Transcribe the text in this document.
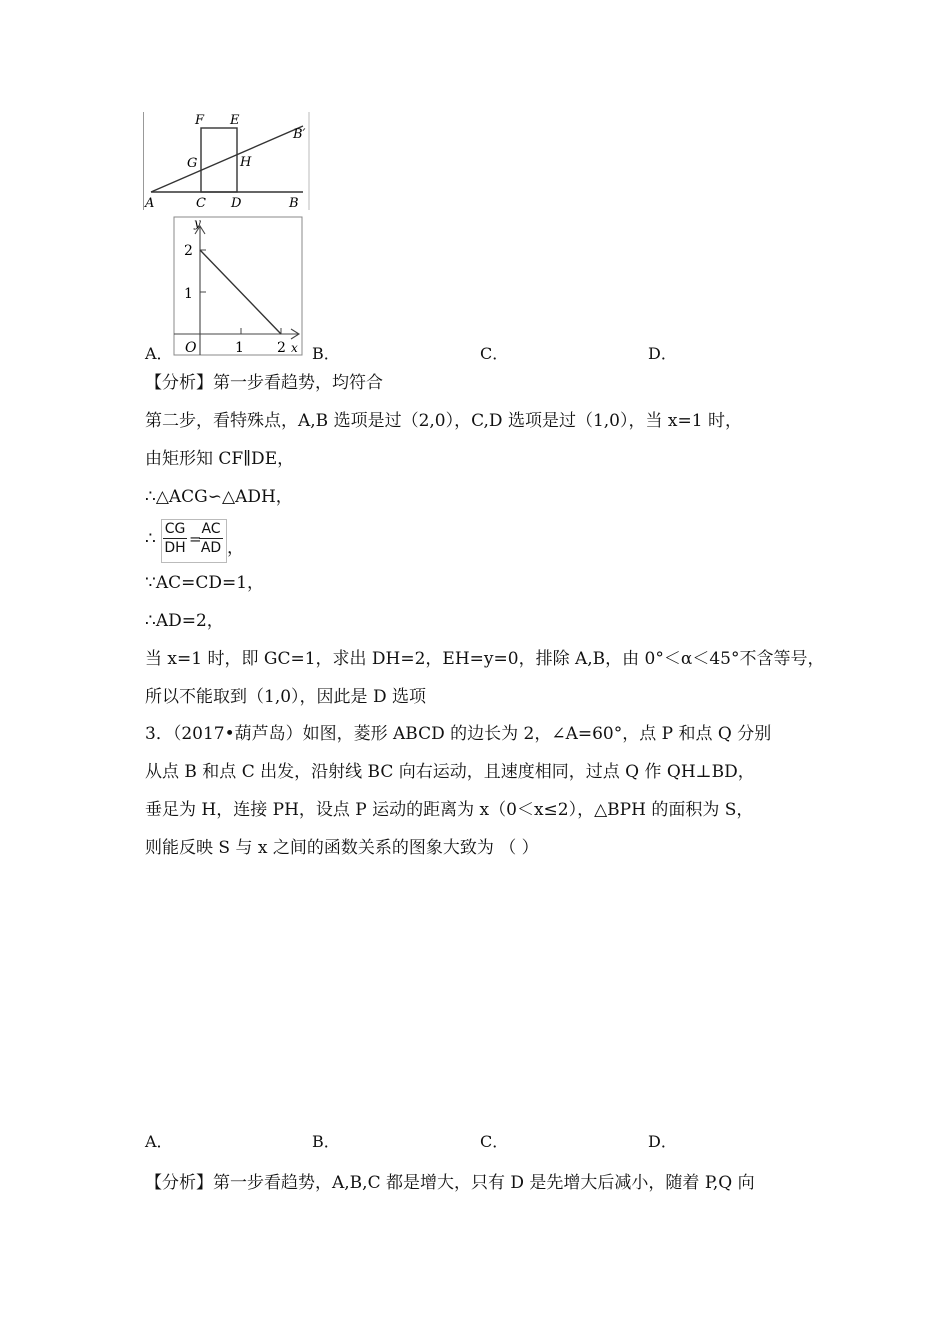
F E
B′
G	H
A	C D	B
y
2
1
O	1 2 x
A．	B．	C．	D．
【分析】第一步看趋势，均符合
第二步，看特殊点，A,B 选项是过（2,0），C,D 选项是过（1,0），当 x=1 时，
由矩形知 CF∥DE，
∴△ACG∽△ADH，
∴ CG
DH =
AC
AD ，
∵AC=CD=1，
∴AD=2，
当 x=1 时，即 GC=1，求出 DH=2，EH=y=0，排除 A,B，由 0°＜α＜45°不含等号，
所以不能取到（1,0），因此是 D 选项
3．（2017•葫芦岛）如图，菱形 ABCD 的边长为 2，∠A=60°，点 P 和点 Q 分别
从点 B 和点 C 出发，沿射线 BC 向右运动，且速度相同，过点 Q 作 QH⊥BD，
垂足为 H，连接 PH，设点 P 运动的距离为 x（0＜x≤2），△BPH 的面积为 S，
则能反映 S 与 x 之间的函数关系的图象大致为 （ ）
A．	B．	C．	D．
【分析】第一步看趋势，A,B,C 都是增大，只有 D 是先增大后减小，随着 P,Q 向
